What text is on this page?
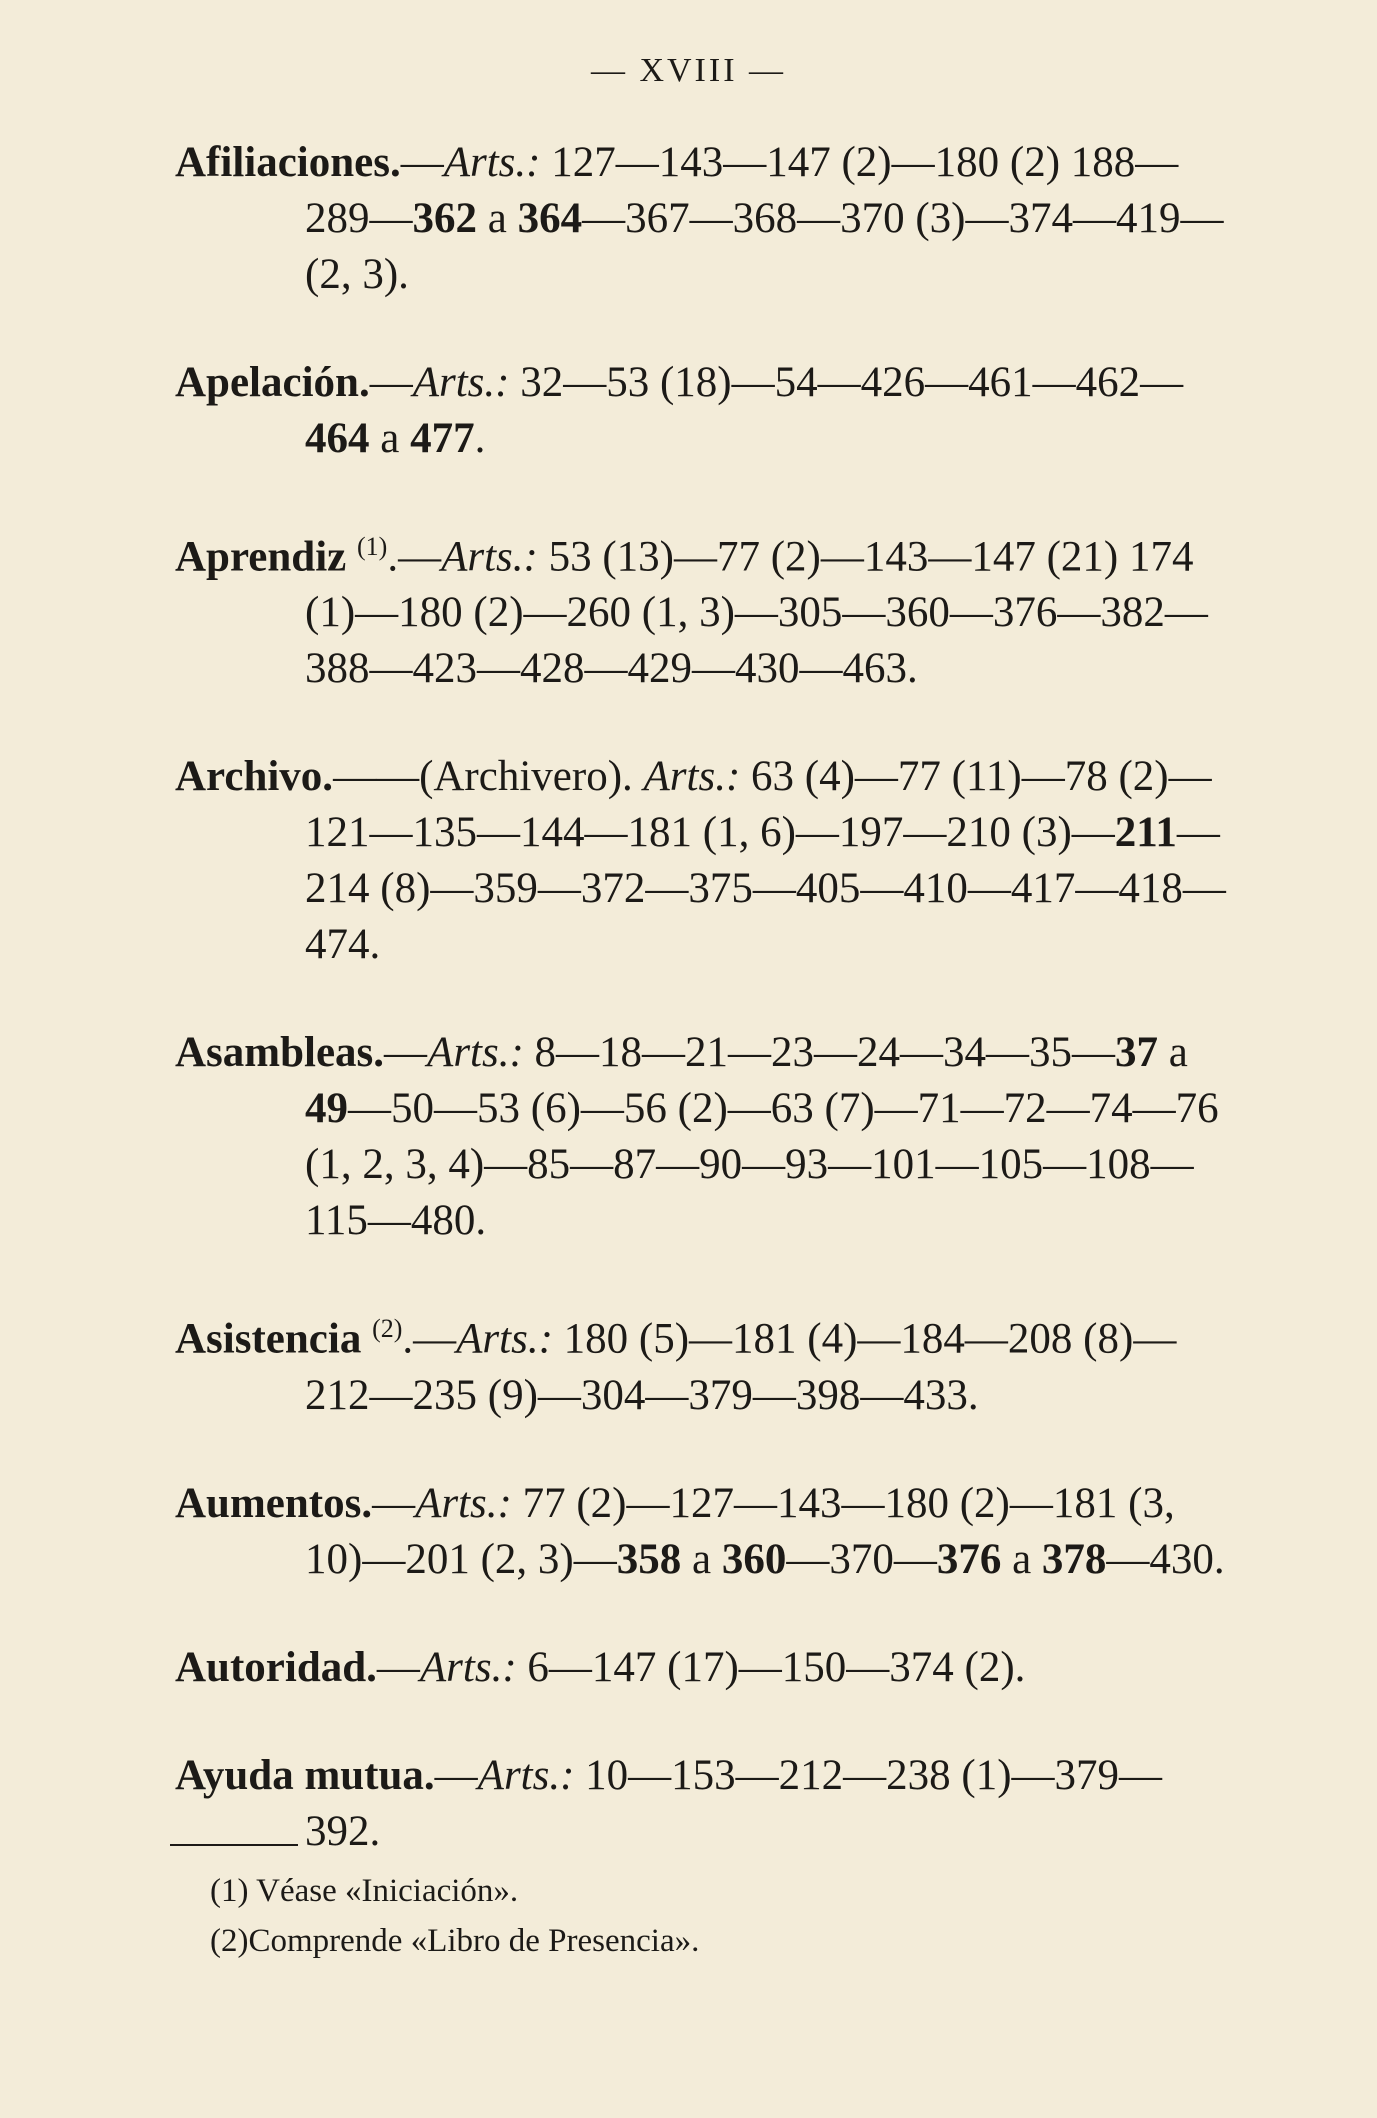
— XVIII —
Afiliaciones.—Arts.: 127—143—147 (2)—180 (2) 188—289—362 a 364—367—368—370 (3)—374—419—(2, 3).
Apelación.—Arts.: 32—53 (18)—54—426—461—462—464 a 477.
Aprendiz $^{(1)}$.—Arts.: 53 (13)—77 (2)—143—147 (21) 174 (1)—180 (2)—260 (1, 3)—305—360—376—382—388—423—428—429—430—463.
Archivo.——(Archivero). Arts.: 63 (4)—77 (11)—78 (2)—121—135—144—181 (1, 6)—197—210 (3)—211—214 (8)—359—372—375—405—410—417—418—474.
Asambleas.—Arts.: 8—18—21—23—24—34—35—37 a 49—50—53 (6)—56 (2)—63 (7)—71—72—74—76 (1, 2, 3, 4)—85—87—90—93—101—105—108—115—480.
Asistencia $^{(2)}$.—Arts.: 180 (5)—181 (4)—184—208 (8)—212—235 (9)—304—379—398—433.
Aumentos.—Arts.: 77 (2)—127—143—180 (2)—181 (3, 10)—201 (2, 3)—358 a 360—370—376 a 378—430.
Autoridad.—Arts.: 6—147 (17)—150—374 (2).
Ayuda mutua.—Arts.: 10—153—212—238 (1)—379—392.
(1) Véase «Iniciación».
(2)Comprende «Libro de Presencia».
